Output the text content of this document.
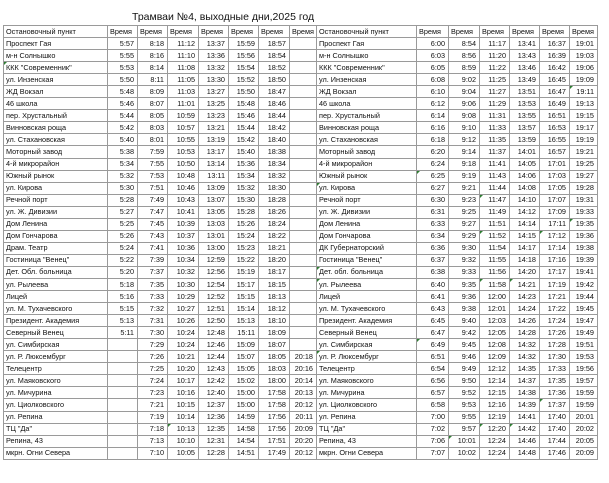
Трамваи №4, выходные дни,2025 год
Остановочный пункт	Время	Время	Время	Время	Время	Время	Время	Остановочный пункт	Время	Время	Время	Время	Время	Время
Проспект Гая	5:57	8:18	11:12	13:37	15:59	18:57		Проспект Гая	6:00	8:54	11:17	13:41	16:37	19:01
м-н Солнышко	5:55	8:16	11:10	13:36	15:56	18:54		м-н Солнышко	6:03	8:56	11:20	13:43	16:39	19:03
ККК "Современник"	5:53	8:14	11:08	13:32	15:54	18:52		ККК "Современник"	6:05	8:59	11:22	13:46	16:42	19:06
ул. Инзенская	5:50	8:11	11:05	13:30	15:52	18:50		ул. Инзенская	6:08	9:02	11:25	13:49	16:45	19:09
ЖД Вокзал	5:48	8:09	11:03	13:27	15:50	18:47		ЖД Вокзал	6:10	9:04	11:27	13:51	16:47	19:11
46 школа	5:46	8:07	11:01	13:25	15:48	18:46		46 школа	6:12	9:06	11:29	13:53	16:49	19:13
пер. Хрустальный	5:44	8:05	10:59	13:23	15:46	18:44		пер. Хрустальный	6:14	9:08	11:31	13:55	16:51	19:15
Винновская роща	5:42	8:03	10:57	13:21	15:44	18:42		Винновская роща	6:16	9:10	11:33	13:57	16:53	19:17
ул. Стахановская	5:40	8:01	10:55	13:19	15:42	18:40		ул. Стахановская	6:18	9:12	11:35	13:59	16:55	19:19
Моторный завод	5:38	7:59	10:53	13:17	15:40	18:38		Моторный завод	6:20	9:14	11:37	14:01	16:57	19:21
4-й микрорайон	5:34	7:55	10:50	13:14	15:36	18:34		4-й микрорайон	6:24	9:18	11:41	14:05	17:01	19:25
Южный рынок	5:32	7:53	10:48	13:11	15:34	18:32		Южный рынок	6:25	9:19	11:43	14:06	17:03	19:27
ул. Кирова	5:30	7:51	10:46	13:09	15:32	18:30		ул. Кирова	6:27	9:21	11:44	14:08	17:05	19:28
Речной порт	5:28	7:49	10:43	13:07	15:30	18:28		Речной порт	6:30	9:23	11:47	14:10	17:07	19:31
ул. Ж. Дивизии	5:27	7:47	10:41	13:05	15:28	18:26		ул. Ж. Дивизии	6:31	9:25	11:49	14:12	17:09	19:33
Дом Ленина	5:25	7:45	10:39	13:03	15:26	18:24		Дом Ленина	6:33	9:27	11:51	14:14	17:11	19:35
Дом Гончарова	5:26	7:43	10:37	13:01	15:24	18:22		Дом Гончарова	6:34	9:29	11:52	14:15	17:12	19:36
Драм. Театр	5:24	7:41	10:36	13:00	15:23	18:21		ДК Губернаторский	6:36	9:30	11:54	14:17	17:14	19:38
Гостиница "Венец"	5:22	7:39	10:34	12:59	15:22	18:20		Гостиница "Венец"	6:37	9:32	11:55	14:18	17:16	19:39
Дет. Обл. больница	5:20	7:37	10:32	12:56	15:19	18:17		Дет. обл. больница	6:38	9:33	11:56	14:20	17:17	19:41
ул. Рылеева	5:18	7:35	10:30	12:54	15:17	18:15		ул. Рылеева	6:40	9:35	11:58	14:21	17:19	19:42
Лицей	5:16	7:33	10:29	12:52	15:15	18:13		Лицей	6:41	9:36	12:00	14:23	17:21	19:44
ул. М. Тухачевского	5:15	7:32	10:27	12:51	15:14	18:12		ул. М. Тухачевского	6:43	9:38	12:01	14:24	17:22	19:45
Президент. Академия	5:13	7:31	10:26	12:50	15:13	18:10		Президент. Академия	6:45	9:40	12:03	14:26	17:24	19:47
Северный Венец	5:11	7:30	10:24	12:48	15:11	18:09		Северный Венец	6:47	9:42	12:05	14:28	17:26	19:49
ул. Симбирская		7:29	10:24	12:46	15:09	18:07		ул. Симбирская	6:49	9:45	12:08	14:32	17:28	19:51
ул. Р. Люксембург		7:26	10:21	12:44	15:07	18:05	20:18	ул. Р. Люксембург	6:51	9:46	12:09	14:32	17:30	19:53
Телецентр		7:25	10:20	12:43	15:05	18:03	20:16	Телецентр	6:54	9:49	12:12	14:35	17:33	19:56
ул. Маяковского		7:24	10:17	12:42	15:02	18:00	20:14	ул. Маяковского	6:56	9:50	12:14	14:37	17:35	19:57
ул. Мичурина		7:23	10:16	12:40	15:00	17:58	20:13	ул. Мичурина	6:57	9:52	12:15	14:38	17:36	19:59
ул. Циолковского		7:21	10:15	12:37	15:00	17:58	20:12	ул. Циолковского	6:58	9:53	12:16	14:39	17:37	19:59
ул. Репина		7:19	10:14	12:36	14:59	17:56	20:11	ул. Репина	7:00	9:55	12:19	14:41	17:40	20:01
ТЦ "Да"		7:18	10:13	12:35	14:58	17:56	20:09	ТЦ "Да"	7:02	9:57	12:20	14:42	17:40	20:02
Репина, 43		7:13	10:10	12:31	14:54	17:51	20:20	Репина, 43	7:06	10:01	12:24	14:46	17:44	20:05
мкрн. Огни Севера		7:10	10:05	12:28	14:51	17:49	20:12	мкрн. Огни Севера	7:07	10:02	12:24	14:48	17:46	20:09
